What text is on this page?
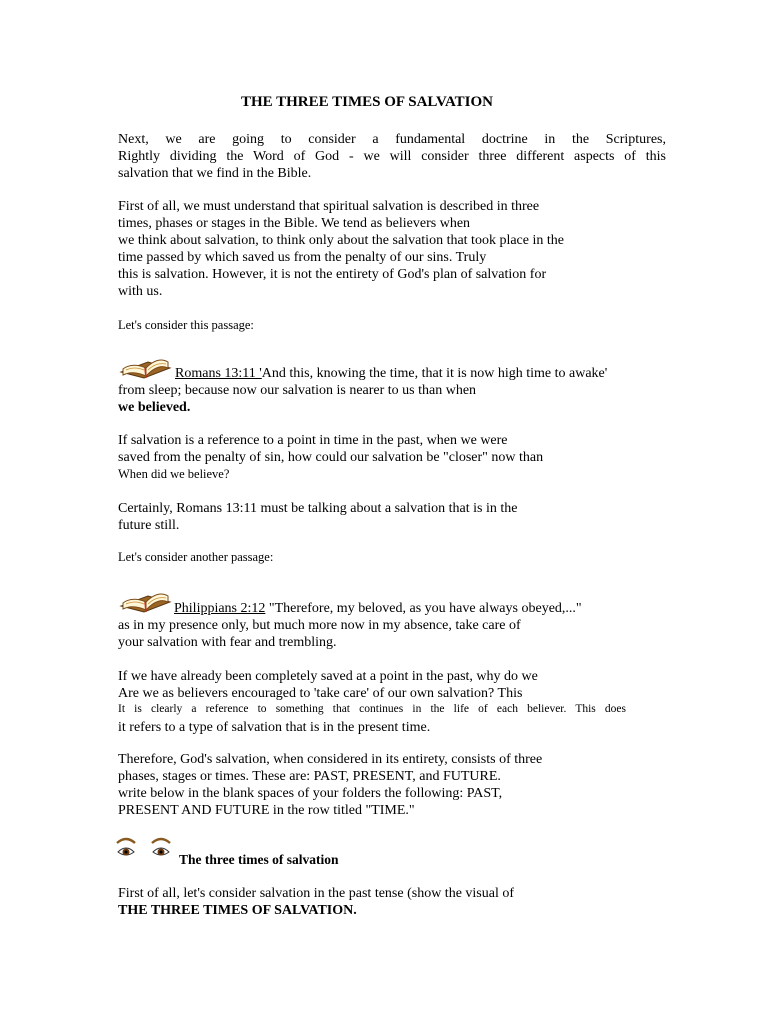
THE THREE TIMES OF SALVATION
Next, we are going to consider a fundamental doctrine in the Scriptures,
Rightly dividing the Word of God - we will consider three different aspects of this
salvation that we find in the Bible.
First of all, we must understand that spiritual salvation is described in three
times, phases or stages in the Bible. We tend as believers when
we think about salvation, to think only about the salvation that took place in the
time passed by which saved us from the penalty of our sins. Truly
this is salvation. However, it is not the entirety of God's plan of salvation for
with us.
Let's consider this passage:
Romans 13:11 'And this, knowing the time, that it is now high time to awake'
from sleep; because now our salvation is nearer to us than when
we believed.
If salvation is a reference to a point in time in the past, when we were
saved from the penalty of sin, how could our salvation be "closer" now than
When did we believe?
Certainly, Romans 13:11 must be talking about a salvation that is in the
future still.
Let's consider another passage:
Philippians 2:12 "Therefore, my beloved, as you have always obeyed,..."
as in my presence only, but much more now in my absence, take care of
your salvation with fear and trembling.
If we have already been completely saved at a point in the past, why do we
Are we as believers encouraged to 'take care' of our own salvation? This
It is clearly a reference to something that continues in the life of each believer. This does
it refers to a type of salvation that is in the present time.
Therefore, God's salvation, when considered in its entirety, consists of three
phases, stages or times. These are: PAST, PRESENT, and FUTURE.
write below in the blank spaces of your folders the following: PAST,
PRESENT AND FUTURE in the row titled "TIME."
The three times of salvation
First of all, let's consider salvation in the past tense (show the visual of
THE THREE TIMES OF SALVATION.
